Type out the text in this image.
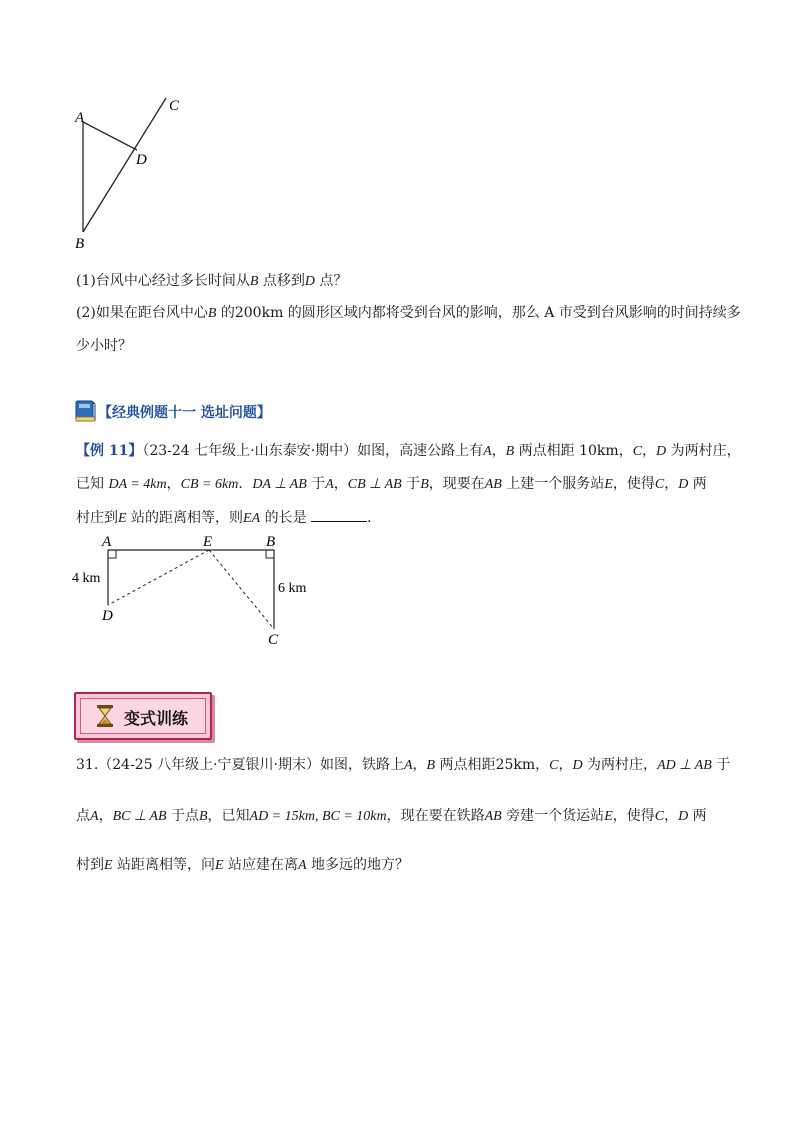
A
B
C
D
(1)台风中心经过多长时间从B 点移到D 点？
(2)如果在距台风中心B 的200km 的圆形区域内都将受到台风的影响，那么 A 市受到台风影响的时间持续多
少小时？
【经典例题十一 选址问题】
【例 11】（23-24 七年级上·山东泰安·期中）如图，高速公路上有A，B 两点相距 10km，C，D 为两村庄，
已知 DA = 4km，CB = 6km．DA ⊥ AB 于A，CB ⊥ AB 于B，现要在AB 上建一个服务站E，使得C，D 两
村庄到E 站的距离相等，则EA 的长是	.
A	E	B
D
C
4 km
6 km
变式训练
31.（24-25 八年级上·宁夏银川·期末）如图，铁路上A，B 两点相距25km，C，D 为两村庄，AD ⊥ AB 于
点A，BC ⊥ AB 于点B，已知AD = 15km, BC = 10km，现在要在铁路AB 旁建一个货运站E，使得C，D 两
村到E 站距离相等，问E 站应建在离A 地多远的地方？
